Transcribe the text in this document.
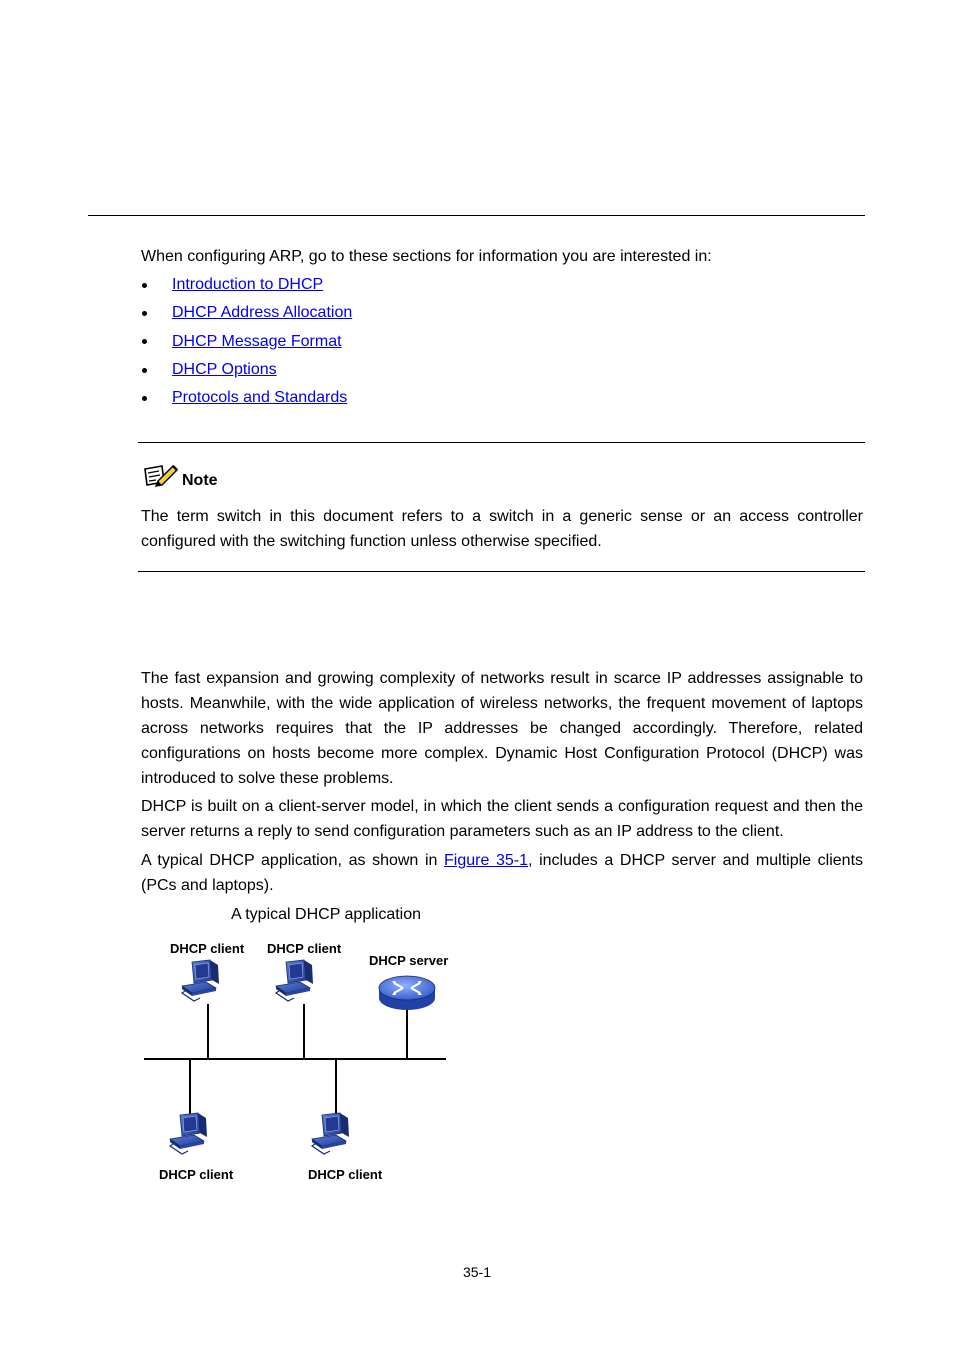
When configuring ARP, go to these sections for information you are interested in:
Introduction to DHCP
DHCP Address Allocation
DHCP Message Format
DHCP Options
Protocols and Standards
Note
The term switch in this document refers to a switch in a generic sense or an access controller configured with the switching function unless otherwise specified.
The fast expansion and growing complexity of networks result in scarce IP addresses assignable to hosts. Meanwhile, with the wide application of wireless networks, the frequent movement of laptops across networks requires that the IP addresses be changed accordingly. Therefore, related configurations on hosts become more complex. Dynamic Host Configuration Protocol (DHCP) was introduced to solve these problems.
DHCP is built on a client-server model, in which the client sends a configuration request and then the server returns a reply to send configuration parameters such as an IP address to the client.
A typical DHCP application, as shown in Figure 35-1, includes a DHCP server and multiple clients (PCs and laptops).
A typical DHCP application
DHCP client DHCP client
DHCP server
DHCP client	DHCP client
35-1
